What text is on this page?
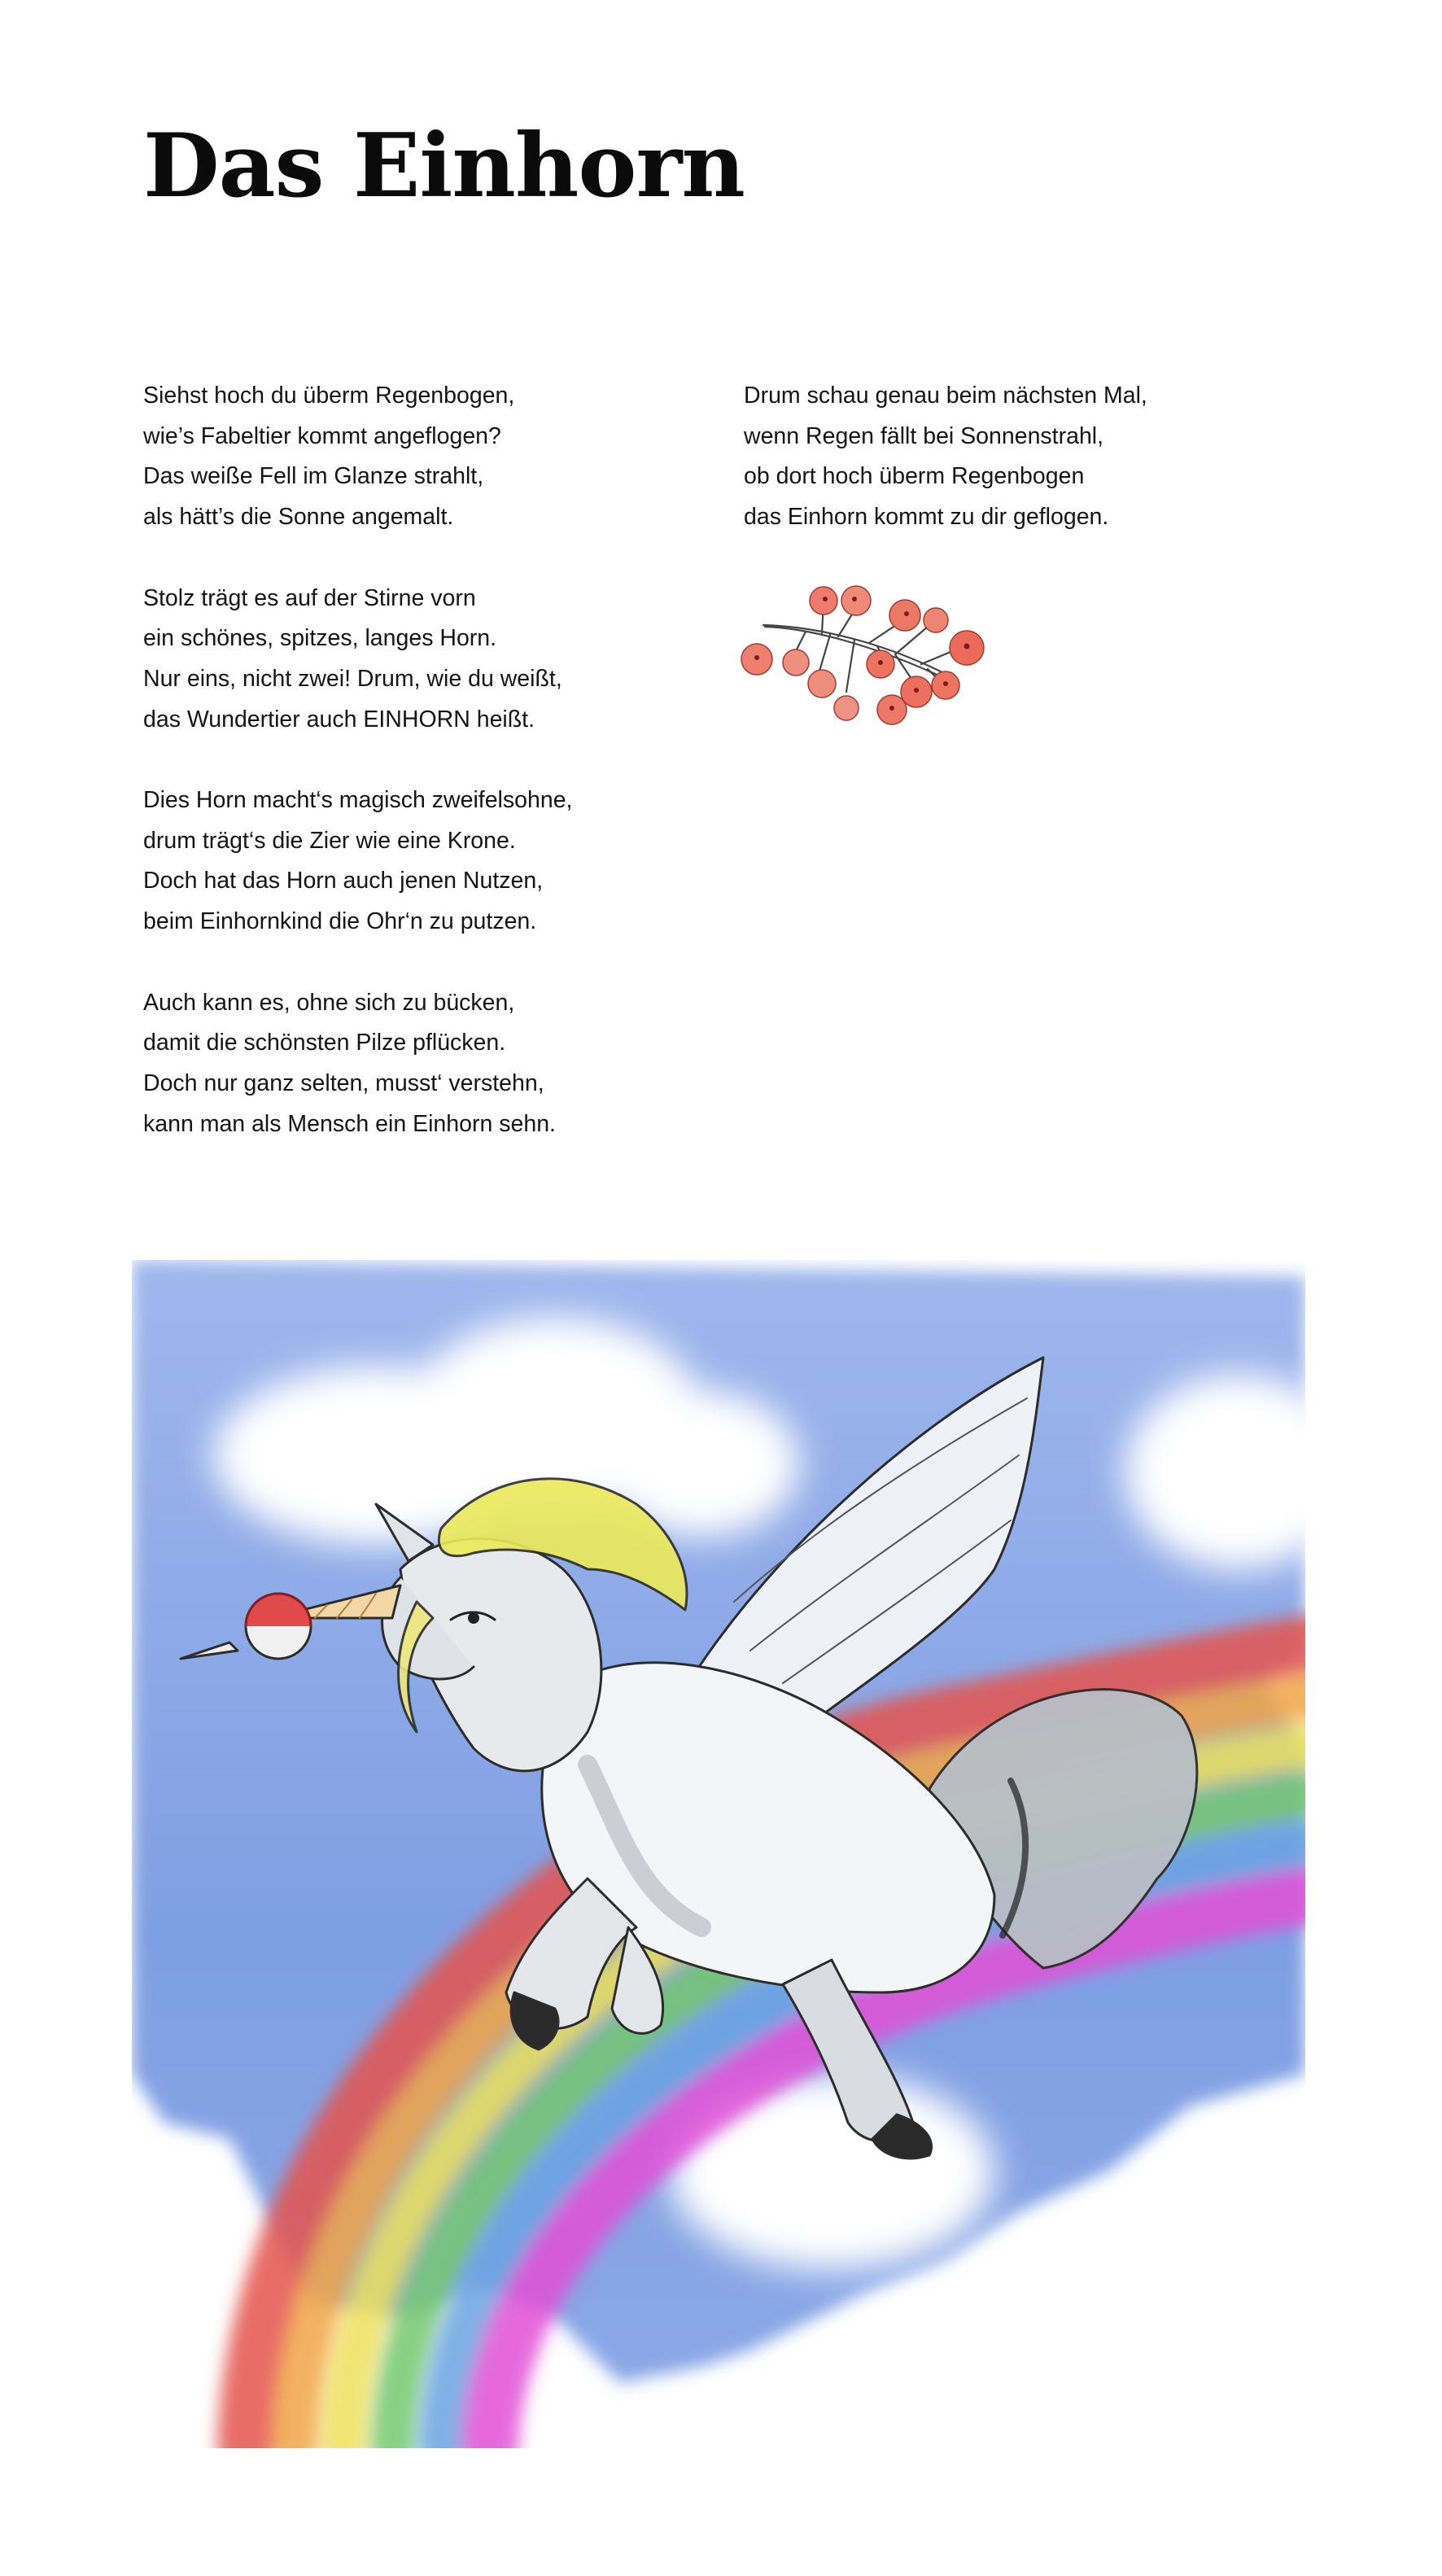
Das Einhorn
Siehst hoch du überm Regenbogen,
wie’s Fabeltier kommt angeflogen?
Das weiße Fell im Glanze strahlt,
als hätt’s die Sonne angemalt.
Stolz trägt es auf der Stirne vorn
ein schönes, spitzes, langes Horn.
Nur eins, nicht zwei! Drum, wie du weißt,
das Wundertier auch EINHORN heißt.
Dies Horn macht‘s magisch zweifelsohne,
drum trägt‘s die Zier wie eine Krone.
Doch hat das Horn auch jenen Nutzen,
beim Einhornkind die Ohr‘n zu putzen.
Auch kann es, ohne sich zu bücken,
damit die schönsten Pilze pflücken.
Doch nur ganz selten, musst‘ verstehn,
kann man als Mensch ein Einhorn sehn.
Drum schau genau beim nächsten Mal,
wenn Regen fällt bei Sonnenstrahl,
ob dort hoch überm Regenbogen
das Einhorn kommt zu dir geflogen.
